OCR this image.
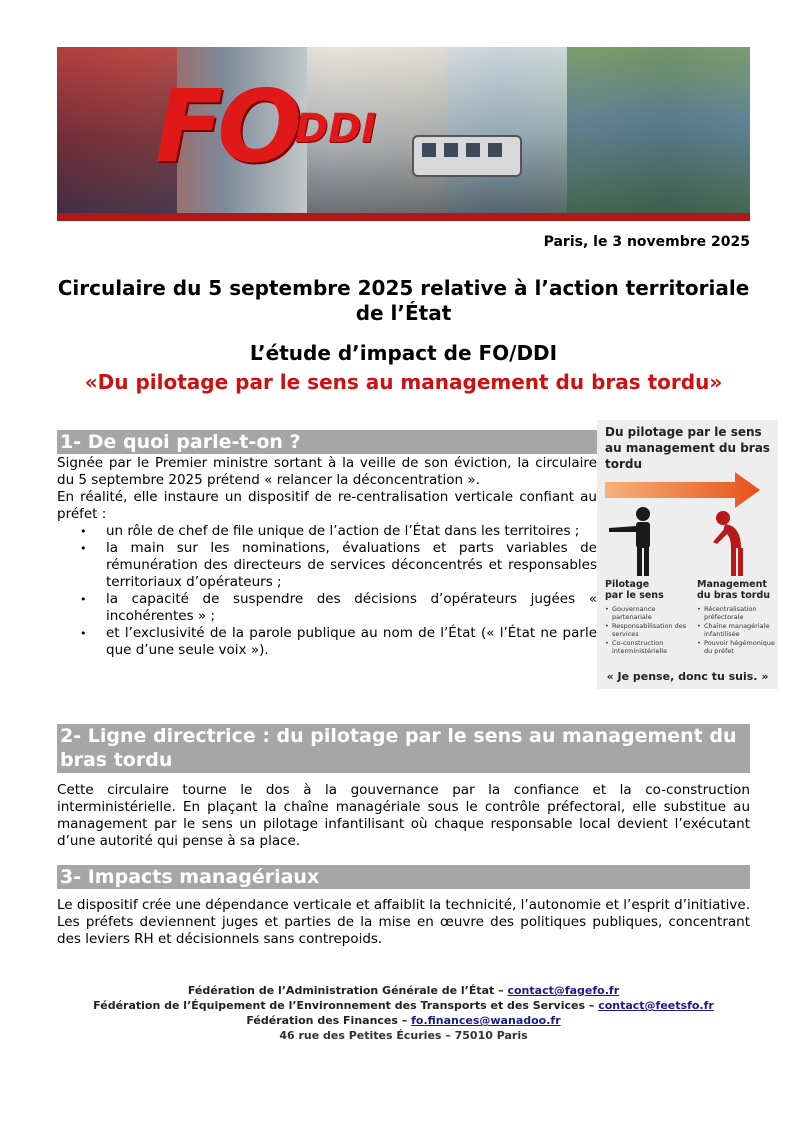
FO
DDI
Paris, le 3 novembre 2025
Circulaire du 5 septembre 2025 relative à l’action territoriale de l’État
L’étude d’impact de FO/DDI
«Du pilotage par le sens au management du bras tordu»
1- De quoi parle-t-on ?
Signée par le Premier ministre sortant à la veille de son éviction, la circulaire du 5 septembre 2025 prétend « relancer la déconcentration ».
En réalité, elle instaure un dispositif de re-centralisation verticale confiant au préfet :
• un rôle de chef de file unique de l’action de l’État dans les territoires ;
• la main sur les nominations, évaluations et parts variables de rémunération des directeurs de services déconcentrés et responsables territoriaux d’opérateurs ;
• la capacité de suspendre des décisions d’opérateurs jugées « incohérentes » ;
• et l’exclusivité de la parole publique au nom de l’État (« l’État ne parle que d’une seule voix »).
Du pilotage par le sens au management du bras tordu
Pilotage
par le sens
Management
du bras tordu
• Gouvernance partenariale
• Responsabilisation des services
• Co-construction interministérielle
• Récentralisation préfectorale
• Chaîne managériale infantilisée
• Pouvoir hégémonique du préfet
« Je pense, donc tu suis. »
2- Ligne directrice : du pilotage par le sens au management du bras tordu
Cette circulaire tourne le dos à la gouvernance par la confiance et la co-construction interministérielle. En plaçant la chaîne managériale sous le contrôle préfectoral, elle substitue au management par le sens un pilotage infantilisant où chaque responsable local devient l’exécutant d’une autorité qui pense à sa place.
3- Impacts managériaux
Le dispositif crée une dépendance verticale et affaiblit la technicité, l’autonomie et l’esprit d’initiative. Les préfets deviennent juges et parties de la mise en œuvre des politiques publiques, concentrant des leviers RH et décisionnels sans contrepoids.
Fédération de l’Administration Générale de l’État – contact@fagefo.fr
Fédération de l’Équipement de l’Environnement des Transports et des Services – contact@feetsfo.fr
Fédération des Finances – fo.finances@wanadoo.fr
46 rue des Petites Écuries – 75010 Paris
